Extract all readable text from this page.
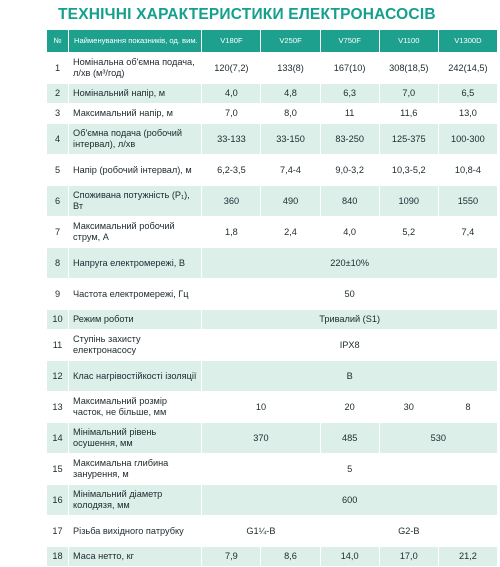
ТЕХНІЧНІ ХАРАКТЕРИСТИКИ ЕЛЕКТРОНАСОСІВ
№	Найменування показників, од. вим.	V180F	V250F	V750F	V1100	V1300D
1	Номінальна об'ємна подача, л/хв (м³/год)	120(7,2)	133(8)	167(10)	308(18,5)	242(14,5)
2	Номінальний напір, м	4,0	4,8	6,3	7,0	6,5
3	Максимальний напір, м	7,0	8,0	11	11,6	13,0
4	Об'ємна подача (робочий інтервал), л/хв	33-133	33-150	83-250	125-375	100-300
5	Напір (робочий інтервал), м	6,2-3,5	7,4-4	9,0-3,2	10,3-5,2	10,8-4
6	Споживана потужність (P₁), Вт	360	490	840	1090	1550
7	Максимальний робочий струм, А	1,8	2,4	4,0	5,2	7,4
8	Напруга електромережі, В	220±10%				
9	Частота електромережі, Гц	50				
10	Режим роботи	Тривалий (S1)				
11	Ступінь захисту електронасосу	IPX8				
12	Клас нагрівостійкості ізоляції	B				
13	Максимальний розмір часток, не більше, мм	10		20	30	8
14	Мінімальний рівень осушення, мм	370		485	530	
15	Максимальна глибина занурення, м	5				
16	Мінімальний діаметр колодязя, мм	600				
17	Різьба вихідного патрубку	G1¼-B		G2-B		
18	Маса нетто, кг	7,9	8,6	14,0	17,0	21,2
